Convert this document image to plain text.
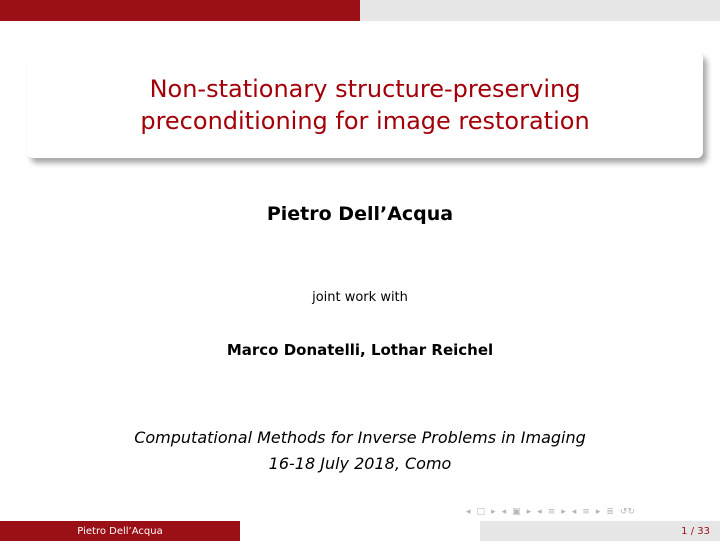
Non-stationary structure-preserving
preconditioning for image restoration
Pietro Dell’Acqua
joint work with
Marco Donatelli, Lothar Reichel
Computational Methods for Inverse Problems in Imaging
16-18 July 2018, Como
◂ □ ▸ ◂ ▣ ▸ ◂ ≡ ▸ ◂ ≡ ▸ ≣ ↺↻
Pietro Dell’Acqua	1 / 33
